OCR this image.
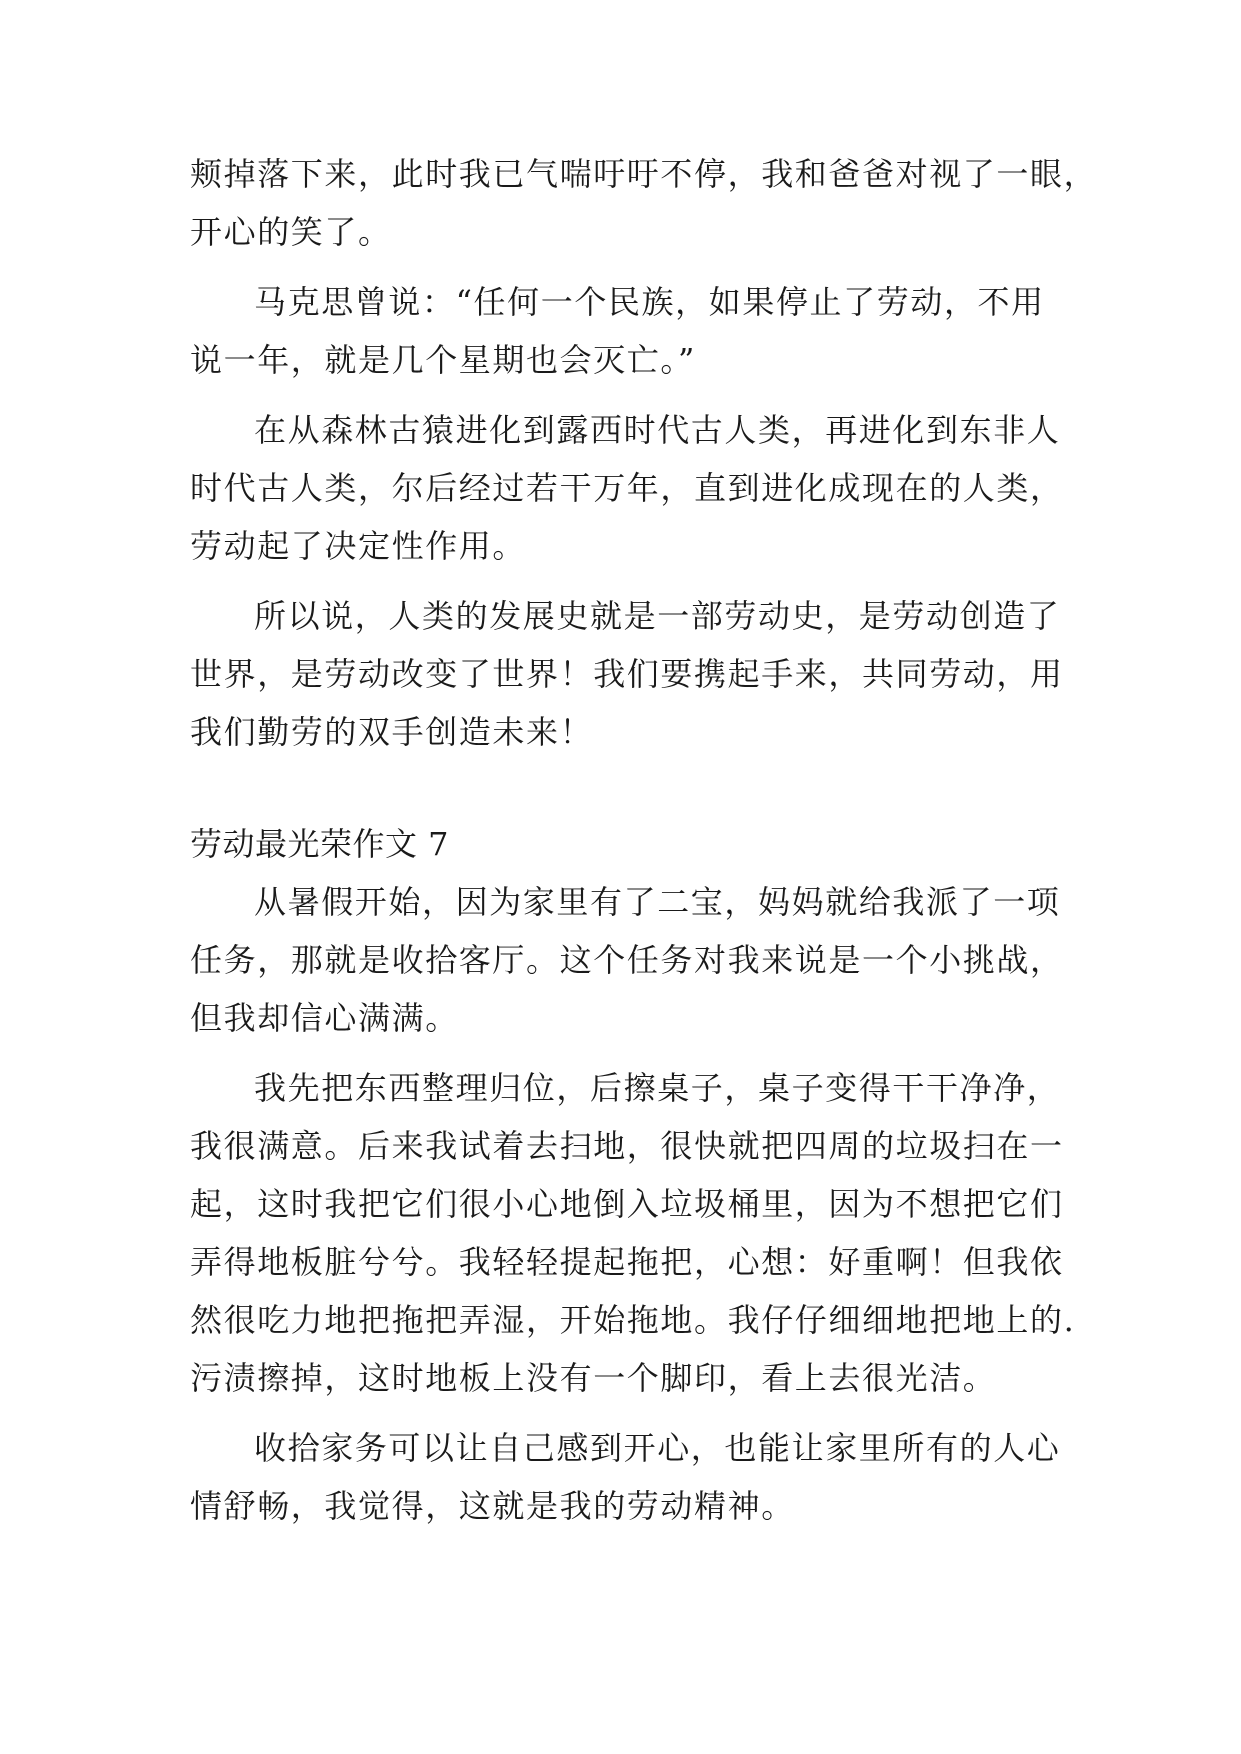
颊掉落下来，此时我已气喘吁吁不停，我和爸爸对视了一眼，
开心的笑了。
马克思曾说：“任何一个民族，如果停止了劳动，不用
说一年，就是几个星期也会灭亡。”
在从森林古猿进化到露西时代古人类，再进化到东非人
时代古人类，尔后经过若干万年，直到进化成现在的人类，
劳动起了决定性作用。
所以说，人类的发展史就是一部劳动史，是劳动创造了
世界，是劳动改变了世界！我们要携起手来，共同劳动，用
我们勤劳的双手创造未来！
劳动最光荣作文 7
从暑假开始，因为家里有了二宝，妈妈就给我派了一项
任务，那就是收拾客厅。这个任务对我来说是一个小挑战，
但我却信心满满。
我先把东西整理归位，后擦桌子，桌子变得干干净净，
我很满意。后来我试着去扫地，很快就把四周的垃圾扫在一
起，这时我把它们很小心地倒入垃圾桶里，因为不想把它们
弄得地板脏兮兮。我轻轻提起拖把，心想：好重啊！但我依
然很吃力地把拖把弄湿，开始拖地。我仔仔细细地把地上的.
污渍擦掉，这时地板上没有一个脚印，看上去很光洁。
收拾家务可以让自己感到开心，也能让家里所有的人心
情舒畅，我觉得，这就是我的劳动精神。
